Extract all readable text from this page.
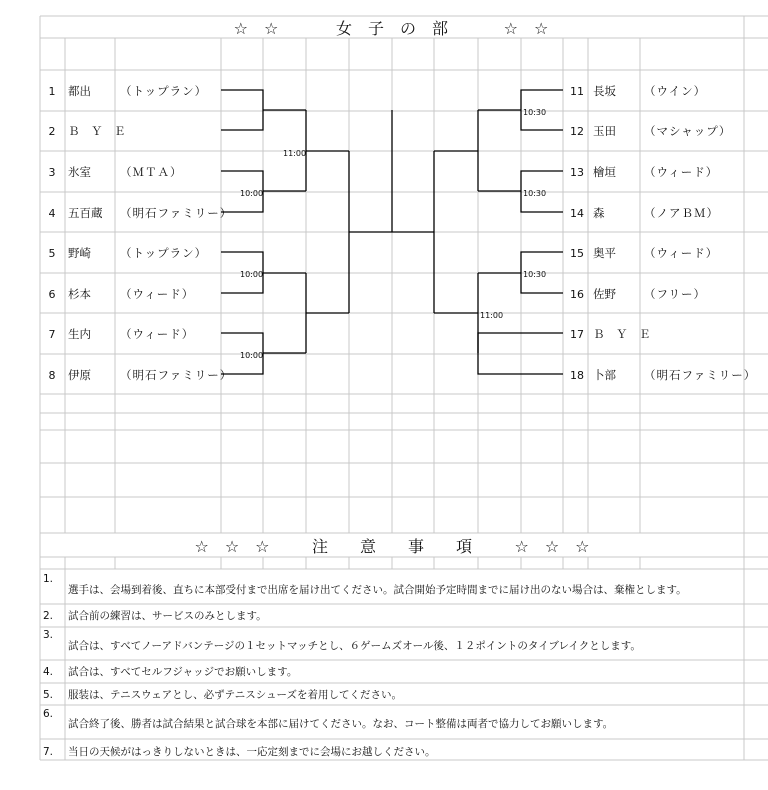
☆　☆	女　子　の　部	☆　☆
1 都出	（トップラン）
2 Ｂ　Ｙ　Ｅ
3 氷室	（ＭＴＡ）
4 五百蔵 （明石ファミリー）
5 野崎	（トップラン）
6 杉本	（ウィード）
7 生内	（ウィード）
8 伊原	（明石ファミリー）
11 長坂 （ウイン）
12 玉田 （マシャップ）
13 檜垣 （ウィード）
14 森	（ノアＢＭ）
15 奥平 （ウィード）
16 佐野 （フリー）
17 Ｂ　Ｙ　Ｅ
18 卜部 （明石ファミリー）
10:00
10:00
10:00
11:00
10:30
10:30
10:30
11:00
☆　☆　☆	注　　意　　事　　項	☆　☆　☆
1.
選手は、会場到着後、直ちに本部受付まで出席を届け出てください。試合開始予定時間までに届け出のない場合は、棄権とします。
2. 試合前の練習は、サービスのみとします。
3.
試合は、すべてノーアドバンテージの１セットマッチとし、６ゲームズオール後、１２ポイントのタイブレイクとします。
4. 試合は、すべてセルフジャッジでお願いします。
5. 服装は、テニスウェアとし、必ずテニスシューズを着用してください。
6.
試合終了後、勝者は試合結果と試合球を本部に届けてください。なお、コート整備は両者で協力してお願いします。
7. 当日の天候がはっきりしないときは、一応定刻までに会場にお越しください。
